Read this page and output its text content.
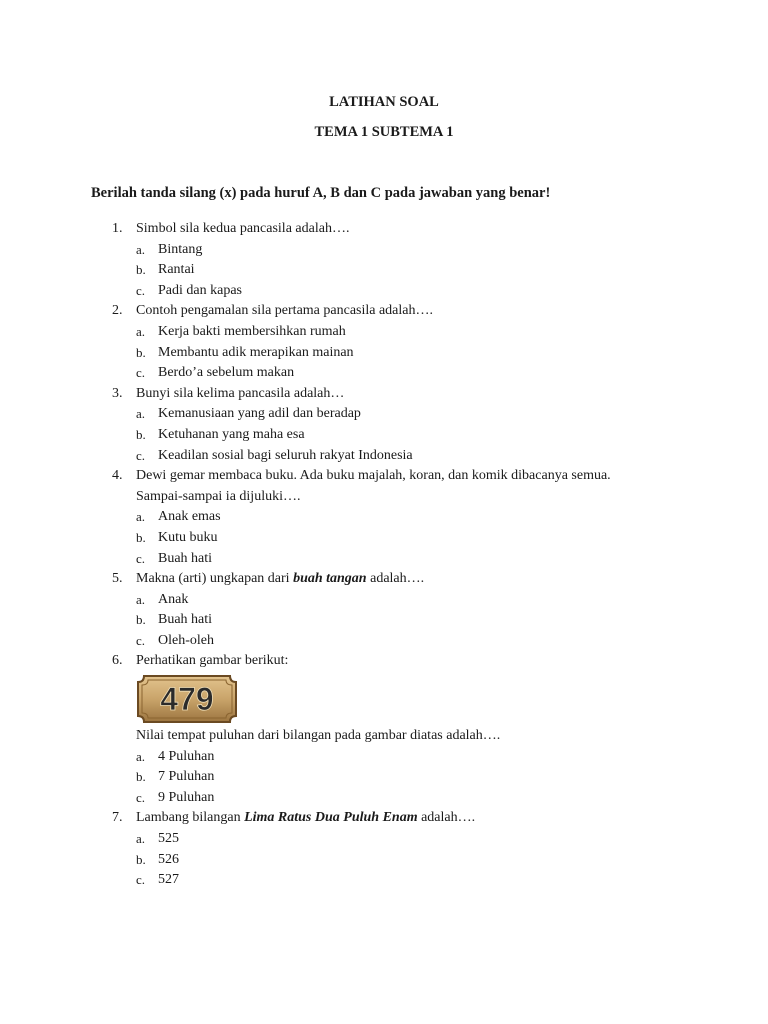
LATIHAN SOAL
TEMA 1 SUBTEMA 1
Berilah tanda silang (x) pada huruf A, B dan C pada jawaban yang benar!
1. Simbol sila kedua pancasila adalah….
a. Bintang
b. Rantai
c. Padi dan kapas
2. Contoh pengamalan sila pertama pancasila adalah….
a. Kerja bakti membersihkan rumah
b. Membantu adik merapikan mainan
c. Berdo’a sebelum makan
3. Bunyi sila kelima pancasila adalah…
a. Kemanusiaan yang adil dan beradap
b. Ketuhanan yang maha esa
c. Keadilan sosial bagi seluruh rakyat Indonesia
4. Dewi gemar membaca buku. Ada buku majalah, koran, dan komik dibacanya semua.
Sampai-sampai ia dijuluki….
a. Anak emas
b. Kutu buku
c. Buah hati
5. Makna (arti) ungkapan dari buah tangan adalah….
a. Anak
b. Buah hati
c. Oleh-oleh
6. Perhatikan gambar berikut:
479
Nilai tempat puluhan dari bilangan pada gambar diatas adalah….
a. 4 Puluhan
b. 7 Puluhan
c. 9 Puluhan
7. Lambang bilangan Lima Ratus Dua Puluh Enam adalah….
a. 525
b. 526
c. 527
